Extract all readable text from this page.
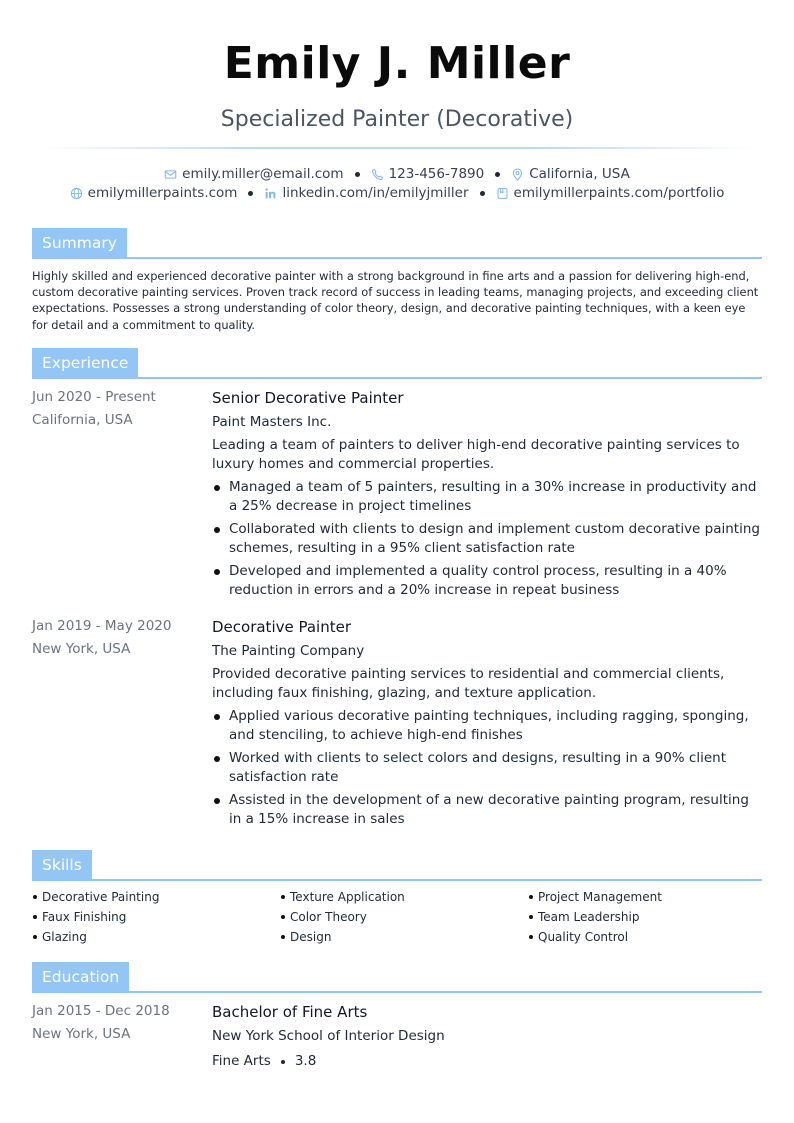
Emily J. Miller
Specialized Painter (Decorative)
emily.miller@email.com	123-456-7890	California, USA
emilymillerpaints.com	linkedin.com/in/emilyjmiller	emilymillerpaints.com/portfolio
Summary
Highly skilled and experienced decorative painter with a strong background in fine arts and a passion for delivering high-end, custom decorative painting services. Proven track record of success in leading teams, managing projects, and exceeding client expectations. Possesses a strong understanding of color theory, design, and decorative painting techniques, with a keen eye for detail and a commitment to quality.
Experience
Jun 2020 - Present
California, USA
Senior Decorative Painter
Paint Masters Inc.
Leading a team of painters to deliver high-end decorative painting services to luxury homes and commercial properties.
Managed a team of 5 painters, resulting in a 30% increase in productivity and a 25% decrease in project timelines
Collaborated with clients to design and implement custom decorative painting schemes, resulting in a 95% client satisfaction rate
Developed and implemented a quality control process, resulting in a 40% reduction in errors and a 20% increase in repeat business
Jan 2019 - May 2020
New York, USA
Decorative Painter
The Painting Company
Provided decorative painting services to residential and commercial clients, including faux finishing, glazing, and texture application.
Applied various decorative painting techniques, including ragging, sponging, and stenciling, to achieve high-end finishes
Worked with clients to select colors and designs, resulting in a 90% client satisfaction rate
Assisted in the development of a new decorative painting program, resulting in a 15% increase in sales
Skills
Decorative Painting	Texture Application	Project Management
Faux Finishing	Color Theory	Team Leadership
Glazing	Design	Quality Control
Education
Jan 2015 - Dec 2018
New York, USA
Bachelor of Fine Arts
New York School of Interior Design
Fine Arts 3.8
